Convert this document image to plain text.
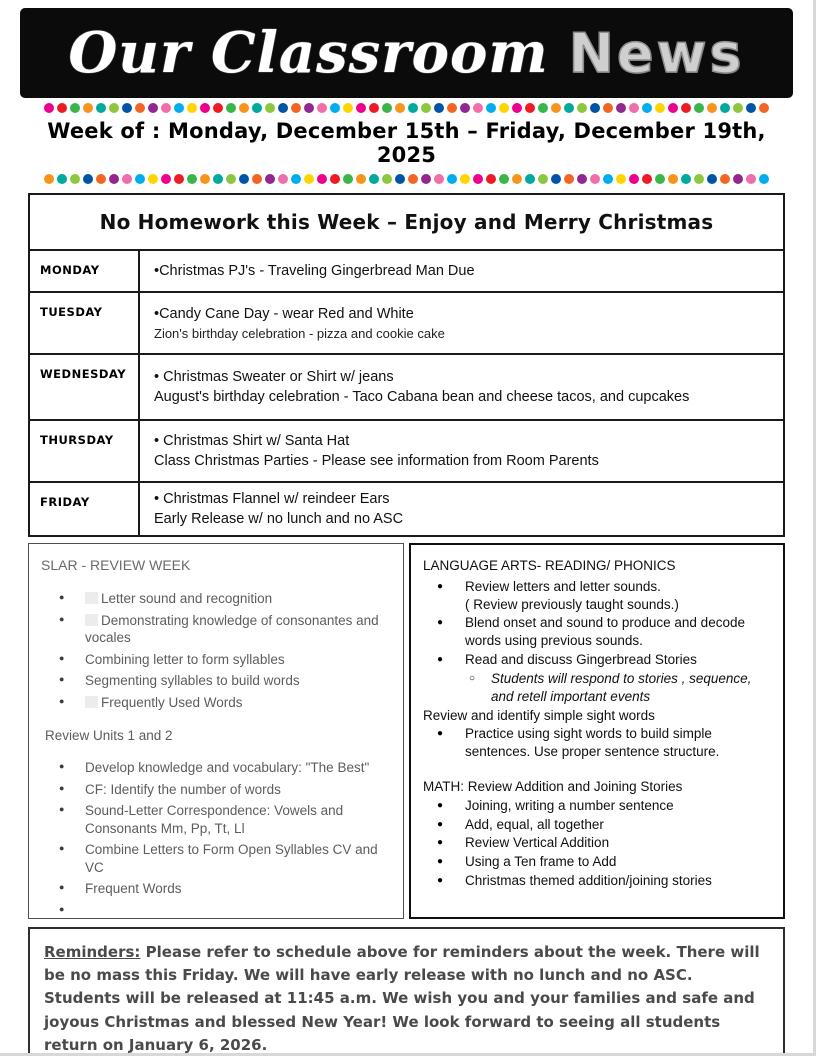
Our Classroom News
Week of : Monday, December 15th – Friday, December 19th, 2025
No Homework this Week – Enjoy and Merry Christmas
MONDAY	•Christmas PJ's - Traveling Gingerbread Man Due
TUESDAY	•Candy Cane Day - wear Red and White
Zion's birthday celebration - pizza and cookie cake
WEDNESDAY	• Christmas Sweater or Shirt w/ jeans
August's birthday celebration - Taco Cabana bean and cheese tacos, and cupcakes
THURSDAY	• Christmas Shirt w/ Santa Hat
Class Christmas Parties - Please see information from Room Parents
FRIDAY	• Christmas Flannel w/ reindeer Ears
Early Release w/ no lunch and no ASC
SLAR - REVIEW WEEK
● Letter sound and recognition
● Demonstrating knowledge of consonantes and vocales
● Combining letter to form syllables
● Segmenting syllables to build words
● Frequently Used Words
Review Units 1 and 2
● Develop knowledge and vocabulary: "The Best"
● CF: Identify the number of words
● Sound-Letter Correspondence: Vowels and Consonants Mm, Pp, Tt, Ll
● Combine Letters to Form Open Syllables CV and VC
● Frequent Words
LANGUAGE ARTS- READING/ PHONICS
● Review letters and letter sounds.
( Review previously taught sounds.)
● Blend onset and sound to produce and decode words using previous sounds.
● Read and discuss Gingerbread Stories
○ Students will respond to stories , sequence, and retell important events
Review and identify simple sight words
● Practice using sight words to build simple sentences. Use proper sentence structure.
MATH: Review Addition and Joining Stories
● Joining, writing a number sentence
● Add, equal, all together
● Review Vertical Addition
● Using a Ten frame to Add
● Christmas themed addition/joining stories

Reminders: Please refer to schedule above for reminders about the week. There will be no mass this Friday. We will have early release with no lunch and no ASC. Students will be released at 11:45 a.m. We wish you and your families and safe and joyous Christmas and blessed New Year! We look forward to seeing all students return on January 6, 2026.
